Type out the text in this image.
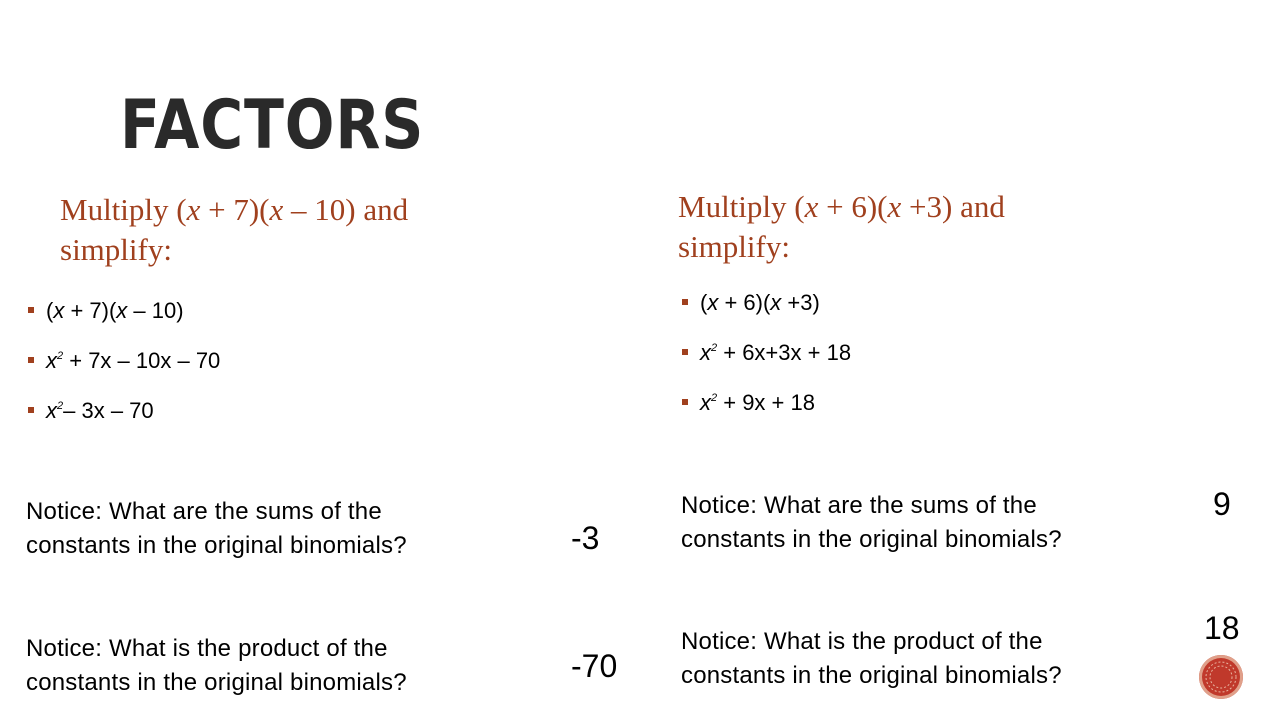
FACTORS
Multiply (x + 7)(x – 10) and
simplify:
(x + 7)(x – 10)
$x^2 + 7x - 10x - 70$
$x^2-$ 3x – 70
Notice: What are the sums of the
constants in the original binomials?	-3
Notice: What is the product of the
constants in the original binomials?	-70
Multiply (x + 6)(x +3) and
simplify:
(x + 6)(x +3)
$x^2 + 6x+3x + 18$
$x^2 + 9x + 18$
Notice: What are the sums of the
constants in the original binomials?
9
Notice: What is the product of the
constants in the original binomials?
18
